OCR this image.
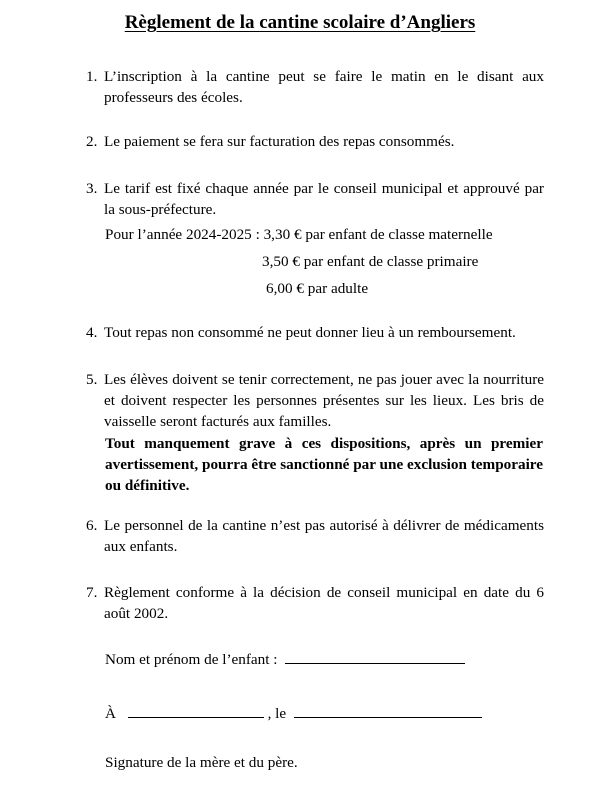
Règlement de la cantine scolaire d’Angliers
1. L’inscription à la cantine peut se faire le matin en le disant aux professeurs des écoles.
2. Le paiement se fera sur facturation des repas consommés.
3. Le tarif est fixé chaque année par le conseil municipal et approuvé par la sous-préfecture.
Pour l’année 2024-2025 : 3,30 € par enfant de classe maternelle
3,50 € par enfant de classe primaire
6,00 € par adulte
4. Tout repas non consommé ne peut donner lieu à un remboursement.
5. Les élèves doivent se tenir correctement, ne pas jouer avec la nourriture et doivent respecter les personnes présentes sur les lieux. Les bris de vaisselle seront facturés aux familles.
Tout manquement grave à ces dispositions, après un premier avertissement, pourra être sanctionné par une exclusion temporaire ou définitive.
6. Le personnel de la cantine n’est pas autorisé à délivrer de médicaments aux enfants.
7. Règlement conforme à la décision de conseil municipal en date du 6 août 2002.
Nom et prénom de l’enfant :
À	, le
Signature de la mère et du père.
